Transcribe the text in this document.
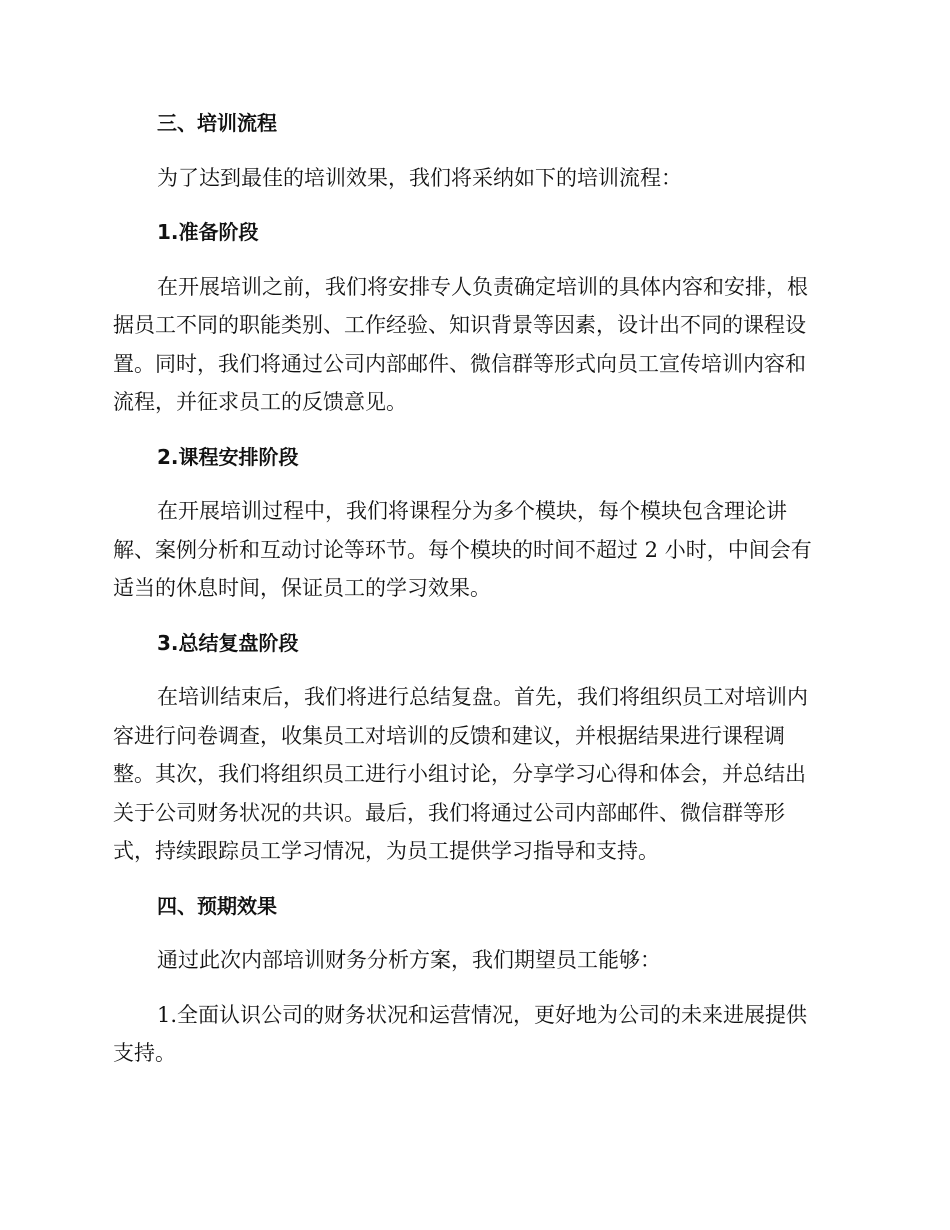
三、培训流程
为了达到最佳的培训效果，我们将采纳如下的培训流程：
1.准备阶段
在开展培训之前，我们将安排专人负责确定培训的具体内容和安排，根
据员工不同的职能类别、工作经验、知识背景等因素，设计出不同的课程设
置。同时，我们将通过公司内部邮件、微信群等形式向员工宣传培训内容和
流程，并征求员工的反馈意见。
2.课程安排阶段
在开展培训过程中，我们将课程分为多个模块，每个模块包含理论讲
解、案例分析和互动讨论等环节。每个模块的时间不超过 2 小时，中间会有
适当的休息时间，保证员工的学习效果。
3.总结复盘阶段
在培训结束后，我们将进行总结复盘。首先，我们将组织员工对培训内
容进行问卷调查，收集员工对培训的反馈和建议，并根据结果进行课程调
整。其次，我们将组织员工进行小组讨论，分享学习心得和体会，并总结出
关于公司财务状况的共识。最后，我们将通过公司内部邮件、微信群等形
式，持续跟踪员工学习情况，为员工提供学习指导和支持。
四、预期效果
通过此次内部培训财务分析方案，我们期望员工能够：
1.全面认识公司的财务状况和运营情况，更好地为公司的未来进展提供
支持。
